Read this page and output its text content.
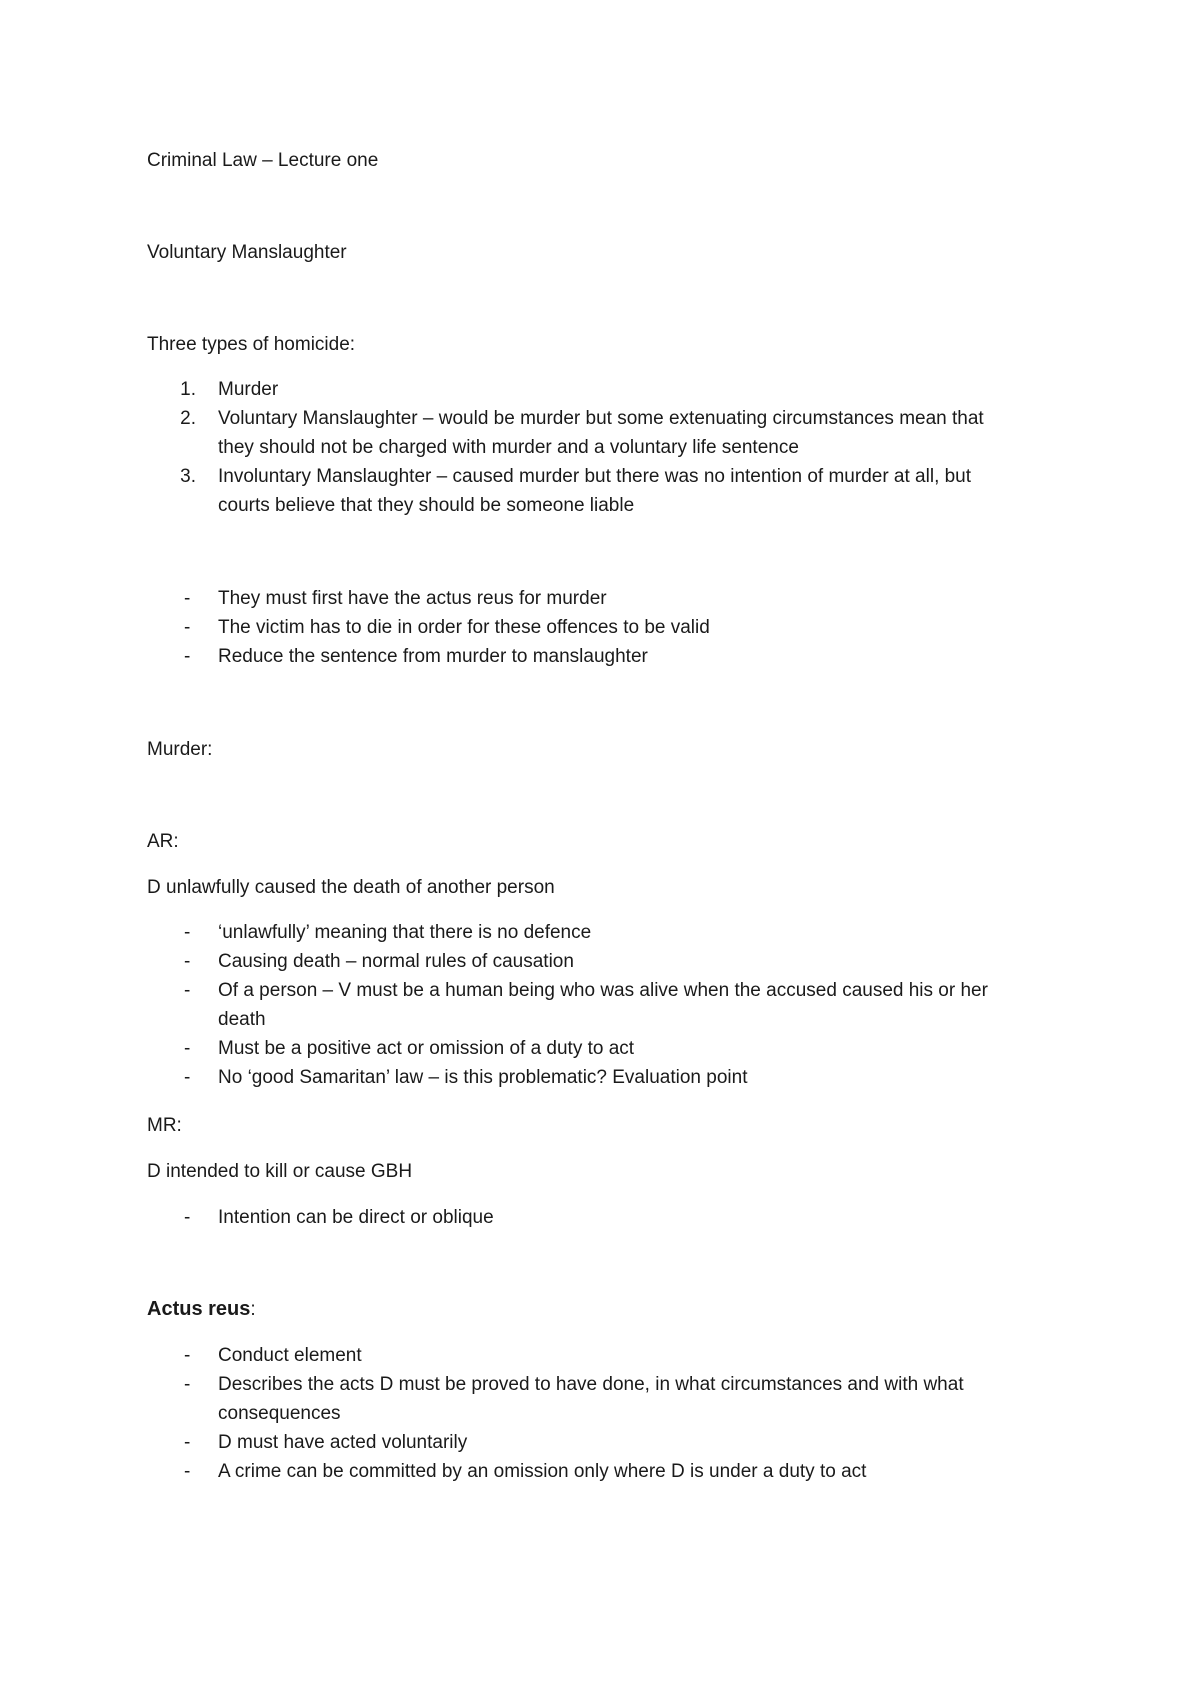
Criminal Law – Lecture one
Voluntary Manslaughter
Three types of homicide:
1. Murder
2. Voluntary Manslaughter – would be murder but some extenuating circumstances mean that
they should not be charged with murder and a voluntary life sentence
3. Involuntary Manslaughter – caused murder but there was no intention of murder at all, but
courts believe that they should be someone liable
- They must first have the actus reus for murder
- The victim has to die in order for these offences to be valid
- Reduce the sentence from murder to manslaughter
Murder:
AR:
D unlawfully caused the death of another person
- ‘unlawfully’ meaning that there is no defence
- Causing death – normal rules of causation
- Of a person – V must be a human being who was alive when the accused caused his or her
death
- Must be a positive act or omission of a duty to act
- No ‘good Samaritan’ law – is this problematic? Evaluation point
MR:
D intended to kill or cause GBH
- Intention can be direct or oblique
Actus reus:
- Conduct element
- Describes the acts D must be proved to have done, in what circumstances and with what
consequences
- D must have acted voluntarily
- A crime can be committed by an omission only where D is under a duty to act
